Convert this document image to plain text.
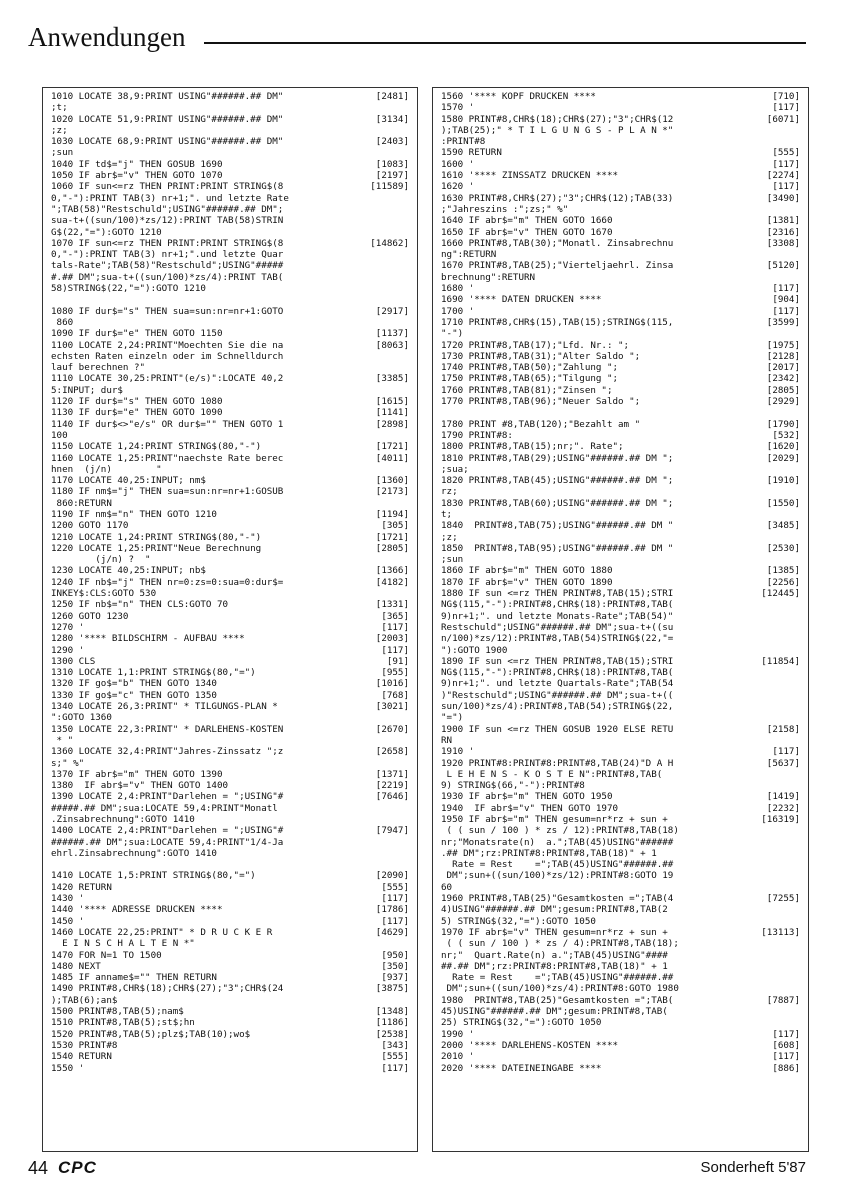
Anwendungen
1010 LOCATE 38,9:PRINT USING"######.## DM"	[2481]
;t;
1020 LOCATE 51,9:PRINT USING"######.## DM"	[3134]
;z;
1030 LOCATE 68,9:PRINT USING"######.## DM"	[2403]
;sun
1040 IF td$="j" THEN GOSUB 1690	[1083]
1050 IF abr$="v" THEN GOTO 1070	[2197]
1060 IF sun<=rz THEN PRINT:PRINT STRING$(8	[11589]
0,"-"):PRINT TAB(3) nr+1;". und letzte Rate
";TAB(58)"Restschuld";USING"######.## DM";
sua-t+((sun/100)*zs/12):PRINT TAB(58)STRIN
G$(22,"="):GOTO 1210
1070 IF sun<=rz THEN PRINT:PRINT STRING$(8	[14862]
0,"-"):PRINT TAB(3) nr+1;".und letzte Quar
tals-Rate";TAB(58)"Restschuld";USING"#####
#.## DM";sua-t+((sun/100)*zs/4):PRINT TAB(
58)STRING$(22,"="):GOTO 1210
1080 IF dur$="s" THEN sua=sun:nr=nr+1:GOTO	[2917]
860
1090 IF dur$="e" THEN GOTO 1150	[1137]
1100 LOCATE 2,24:PRINT"Moechten Sie die na	[8063]
echsten Raten einzeln oder im Schnelldurch
lauf berechnen ?"
1110 LOCATE 30,25:PRINT"(e/s)":LOCATE 40,2	[3385]
5:INPUT; dur$
1120 IF dur$="s" THEN GOTO 1080	[1615]
1130 IF dur$="e" THEN GOTO 1090	[1141]
1140 IF dur$<>"e/s" OR dur$="" THEN GOTO 1	[2898]
100
1150 LOCATE 1,24:PRINT STRING$(80,"-")	[1721]
1160 LOCATE 1,25:PRINT"naechste Rate berec	[4011]
hnen  (j/n)        "
1170 LOCATE 40,25:INPUT; nm$	[1360]
1180 IF nm$="j" THEN sua=sun:nr=nr+1:GOSUB	[2173]
860:RETURN
1190 IF nm$="n" THEN GOTO 1210	[1194]
1200 GOTO 1170	[305]
1210 LOCATE 1,24:PRINT STRING$(80,"-")	[1721]
1220 LOCATE 1,25:PRINT"Neue Berechnung	[2805]
(j/n) ?  "
1230 LOCATE 40,25:INPUT; nb$	[1366]
1240 IF nb$="j" THEN nr=0:zs=0:sua=0:dur$=	[4182]
INKEY$:CLS:GOTO 530
1250 IF nb$="n" THEN CLS:GOTO 70	[1331]
1260 GOTO 1230	[365]
1270 '	[117]
1280 '**** BILDSCHIRM - AUFBAU ****	[2003]
1290 '	[117]
1300 CLS	[91]
1310 LOCATE 1,1:PRINT STRING$(80,"=")	[955]
1320 IF go$="b" THEN GOTO 1340	[1016]
1330 IF go$="c" THEN GOTO 1350	[768]
1340 LOCATE 26,3:PRINT" * TILGUNGS-PLAN *	[3021]
":GOTO 1360
1350 LOCATE 22,3:PRINT" * DARLEHENS-KOSTEN	[2670]
* "
1360 LOCATE 32,4:PRINT"Jahres-Zinssatz ";z	[2658]
s;" %"
1370 IF abr$="m" THEN GOTO 1390	[1371]
1380  IF abr$="v" THEN GOTO 1400	[2219]
1390 LOCATE 2,4:PRINT"Darlehen = ";USING"#	[7646]
#####.## DM";sua:LOCATE 59,4:PRINT"Monatl
.Zinsabrechnung":GOTO 1410
1400 LOCATE 2,4:PRINT"Darlehen = ";USING"#	[7947]
######.## DM";sua:LOCATE 59,4:PRINT"1/4-Ja
ehrl.Zinsabrechnung":GOTO 1410
1410 LOCATE 1,5:PRINT STRING$(80,"=")	[2090]
1420 RETURN	[555]
1430 '	[117]
1440 '**** ADRESSE DRUCKEN ****	[1786]
1450 '	[117]
1460 LOCATE 22,25:PRINT" * D R U C K E R	[4629]
E I N S C H A L T E N *"
1470 FOR N=1 TO 1500	[950]
1480 NEXT	[350]
1485 IF anname$="" THEN RETURN	[937]
1490 PRINT#8,CHR$(18);CHR$(27);"3";CHR$(24	[3875]
);TAB(6);an$
1500 PRINT#8,TAB(5);nam$	[1348]
1510 PRINT#8,TAB(5);st$;hn	[1186]
1520 PRINT#8,TAB(5);plz$;TAB(10);wo$	[2538]
1530 PRINT#8	[343]
1540 RETURN	[555]
1550 '	[117]
1560 '**** KOPF DRUCKEN ****	[710]
1570 '	[117]
1580 PRINT#8,CHR$(18);CHR$(27);"3";CHR$(12	[6071]
);TAB(25);" * T I L G U N G S - P L A N *"
:PRINT#8
1590 RETURN	[555]
1600 '	[117]
1610 '**** ZINSSATZ DRUCKEN ****	[2274]
1620 '	[117]
1630 PRINT#8,CHR$(27);"3";CHR$(12);TAB(33)	[3490]
;"Jahreszins :";zs;" %"
1640 IF abr$="m" THEN GOTO 1660	[1381]
1650 IF abr$="v" THEN GOTO 1670	[2316]
1660 PRINT#8,TAB(30);"Monatl. Zinsabrechnu	[3308]
ng":RETURN
1670 PRINT#8,TAB(25);"Vierteljaehrl. Zinsa	[5120]
brechnung":RETURN
1680 '	[117]
1690 '**** DATEN DRUCKEN ****	[904]
1700 '	[117]
1710 PRINT#8,CHR$(15),TAB(15);STRING$(115,	[3599]
"-")
1720 PRINT#8,TAB(17);"Lfd. Nr.: ";	[1975]
1730 PRINT#8,TAB(31);"Alter Saldo ";	[2128]
1740 PRINT#8,TAB(50);"Zahlung ";	[2017]
1750 PRINT#8,TAB(65);"Tilgung ";	[2342]
1760 PRINT#8,TAB(81);"Zinsen ";	[2805]
1770 PRINT#8,TAB(96);"Neuer Saldo ";	[2929]
1780 PRINT #8,TAB(120);"Bezahlt am "	[1790]
1790 PRINT#8:	[532]
1800 PRINT#8,TAB(15);nr;". Rate";	[1620]
1810 PRINT#8,TAB(29);USING"######.## DM ";	[2029]
;sua;
1820 PRINT#8,TAB(45);USING"######.## DM ";	[1910]
rz;
1830 PRINT#8,TAB(60);USING"######.## DM ";	[1550]
t;
1840  PRINT#8,TAB(75);USING"######.## DM "	[3485]
;z;
1850  PRINT#8,TAB(95);USING"######.## DM "	[2530]
;sun
1860 IF abr$="m" THEN GOTO 1880	[1385]
1870 IF abr$="v" THEN GOTO 1890	[2256]
1880 IF sun <=rz THEN PRINT#8,TAB(15);STRI	[12445]
NG$(115,"-"):PRINT#8,CHR$(18):PRINT#8,TAB(
9)nr+1;". und letzte Monats-Rate";TAB(54)"
Restschuld";USING"######.## DM";sua-t+((su
n/100)*zs/12):PRINT#8,TAB(54)STRING$(22,"=
"):GOTO 1900
1890 IF sun <=rz THEN PRINT#8,TAB(15);STRI	[11854]
NG$(115,"-"):PRINT#8,CHR$(18):PRINT#8,TAB(
9)nr+1;". und letzte Quartals-Rate";TAB(54
)"Restschuld";USING"######.## DM";sua-t+((
sun/100)*zs/4):PRINT#8,TAB(54);STRING$(22,
"=")
1900 IF sun <=rz THEN GOSUB 1920 ELSE RETU	[2158]
RN
1910 '	[117]
1920 PRINT#8:PRINT#8:PRINT#8,TAB(24)"D A H	[5637]
L E H E N S - K O S T E N":PRINT#8,TAB(
9) STRING$(66,"-"):PRINT#8
1930 IF abr$="m" THEN GOTO 1950	[1419]
1940  IF abr$="v" THEN GOTO 1970	[2232]
1950 IF abr$="m" THEN gesum=nr*rz + sun +	[16319]
( ( sun / 100 ) * zs / 12):PRINT#8,TAB(18)
nr;"Monatsrate(n)  a.";TAB(45)USING"######
.## DM";rz:PRINT#8:PRINT#8,TAB(18)" + 1
Rate = Rest    =";TAB(45)USING"######.##
DM";sun+((sun/100)*zs/12):PRINT#8:GOTO 19
60
1960 PRINT#8,TAB(25)"Gesamtkosten =";TAB(4	[7255]
4)USING"######.## DM";gesum:PRINT#8,TAB(2
5) STRING$(32,"="):GOTO 1050
1970 IF abr$="v" THEN gesum=nr*rz + sun +	[13113]
( ( sun / 100 ) * zs / 4):PRINT#8,TAB(18);
nr;"  Quart.Rate(n) a.";TAB(45)USING"####
##.## DM";rz:PRINT#8:PRINT#8,TAB(18)" + 1
Rate = Rest    =";TAB(45)USING"######.##
DM";sun+((sun/100)*zs/4):PRINT#8:GOTO 1980
1980  PRINT#8,TAB(25)"Gesamtkosten =";TAB(	[7887]
45)USING"######.## DM";gesum:PRINT#8,TAB(
25) STRING$(32,"="):GOTO 1050
1990 '	[117]
2000 '**** DARLEHENS-KOSTEN ****	[608]
2010 '	[117]
2020 '**** DATEINEINGABE ****	[886]
44 CPC	Sonderheft 5'87
